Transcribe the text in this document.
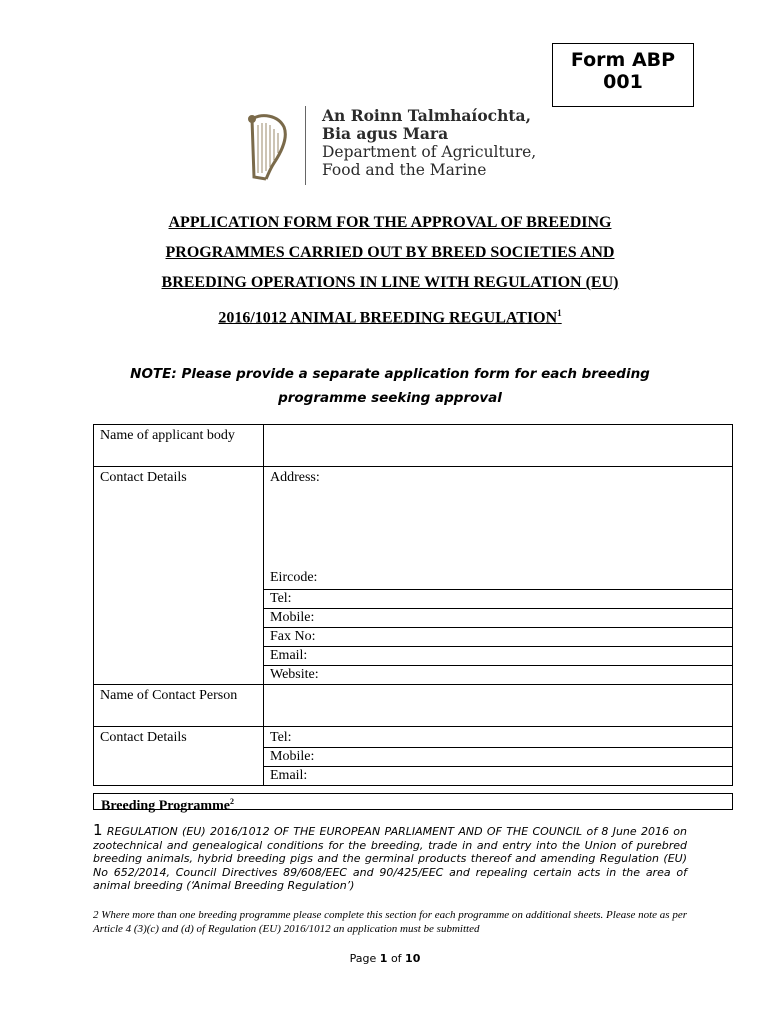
Form ABP 001
An Roinn Talmhaíochta,
Bia agus Mara
Department of Agriculture,
Food and the Marine
APPLICATION FORM FOR THE APPROVAL OF BREEDING
PROGRAMMES CARRIED OUT BY BREED SOCIETIES AND
BREEDING OPERATIONS IN LINE WITH REGULATION (EU)
2016/1012 ANIMAL BREEDING REGULATION$^1$
NOTE: Please provide a separate application form for each breeding
programme seeking approval
Name of applicant body	
Contact Details	Address:
Eircode:

	Tel:
	Mobile:
	Fax No:
	Email:
	Website:
Name of Contact Person	
Contact Details	Tel:
	Mobile:
	Email:
Breeding Programme$^2$
1 REGULATION (EU) 2016/1012 OF THE EUROPEAN PARLIAMENT AND OF THE COUNCIL of 8 June 2016 on zootechnical and genealogical conditions for the breeding, trade in and entry into the Union of purebred breeding animals, hybrid breeding pigs and the germinal products thereof and amending Regulation (EU) No 652/2014, Council Directives 89/608/EEC and 90/425/EEC and repealing certain acts in the area of animal breeding (‘Animal Breeding Regulation’)
2 Where more than one breeding programme please complete this section for each programme on additional sheets. Please note as per Article 4 (3)(c) and (d) of Regulation (EU) 2016/1012 an application must be submitted
Page 1 of 10
